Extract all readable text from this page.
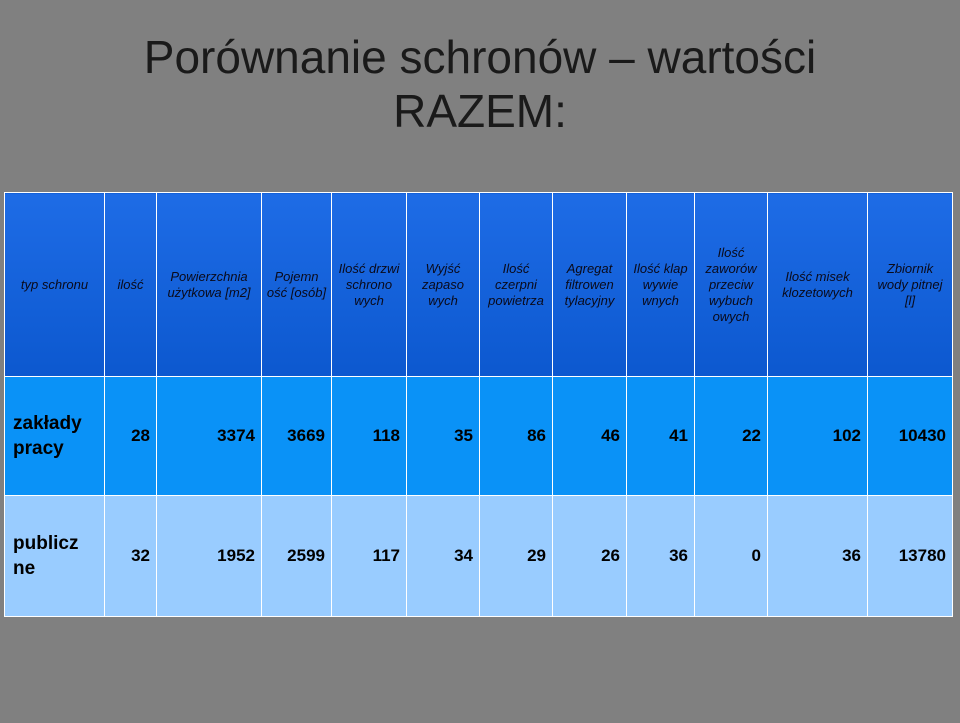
Porównanie schronów – wartości
RAZEM:
typ schronu	ilość	Powierzchnia użytkowa [m2]	Pojemn ość [osób]	Ilość drzwi schrono wych	Wyjść zapaso wych	Ilość czerpni powietrza	Agregat filtrowen tylacyjny	Ilość klap wywie wnych	Ilość zaworów przeciw wybuch owych	Ilość misek klozetowych	Zbiornik wody pitnej [l]
zakłady pracy	28	3374	3669	118	35	86	46	41	22	102	10430
publicz ne	32	1952	2599	117	34	29	26	36	0	36	13780
